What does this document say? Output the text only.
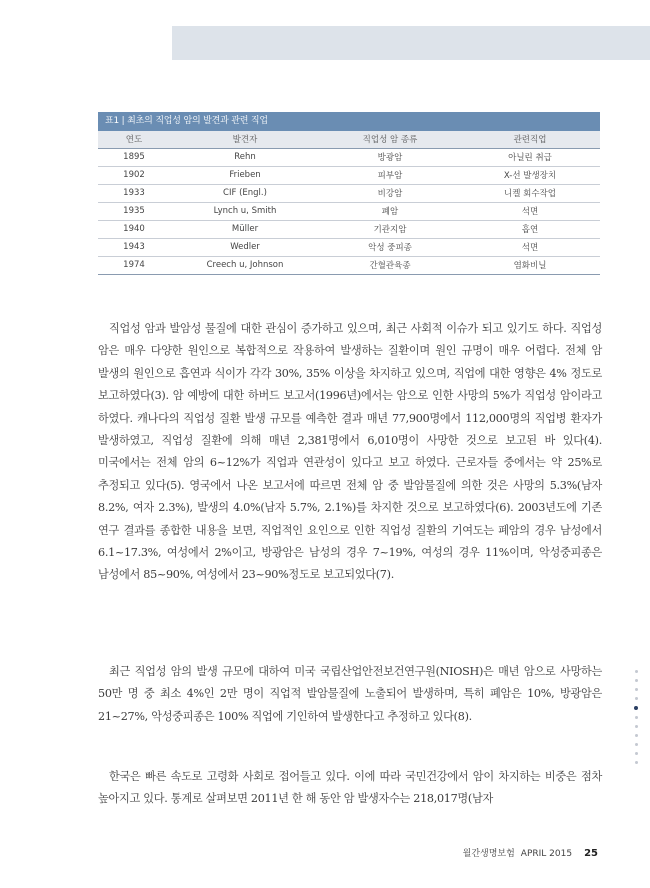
표1 | 최초의 직업성 암의 발견과 관련 직업
연도	발견자	직업성 암 종류	관련직업
1895	Rehn	방광암	아닐린 취급
1902	Frieben	피부암	X-선 발생장치
1933	CIF (Engl.)	비강암	니켈 회수작업
1935	Lynch u, Smith	폐암	석면
1940	Müller	기관지암	흡연
1943	Wedler	악성 중피종	석면
1974	Creech u, Johnson	간혈관육종	염화비닐

직업성 암과 발암성 물질에 대한 관심이 증가하고 있으며, 최근 사회적 이슈가 되고 있기도 하다. 직업성 암은 매우 다양한 원인으로 복합적으로 작용하여 발생하는 질환이며 원인 규명이 매우 어렵다. 전체 암 발생의 원인으로 흡연과 식이가 각각 30%, 35% 이상을 차지하고 있으며, 직업에 대한 영향은 4% 정도로 보고하였다(3). 암 예방에 대한 하버드 보고서(1996년)에서는 암으로 인한 사망의 5%가 직업성 암이라고 하였다. 캐나다의 직업성 질환 발생 규모를 예측한 결과 매년 77,900명에서 112,000명의 직업병 환자가 발생하였고, 직업성 질환에 의해 매년 2,381명에서 6,010명이 사망한 것으로 보고된 바 있다(4). 미국에서는 전체 암의 6~12%가 직업과 연관성이 있다고 보고 하였다. 근로자들 중에서는 약 25%로 추정되고 있다(5). 영국에서 나온 보고서에 따르면 전체 암 중 발암물질에 의한 것은 사망의 5.3%(남자 8.2%, 여자 2.3%), 발생의 4.0%(남자 5.7%, 2.1%)를 차지한 것으로 보고하였다(6). 2003년도에 기존 연구 결과를 종합한 내용을 보면, 직업적인 요인으로 인한 직업성 질환의 기여도는 폐암의 경우 남성에서 6.1~17.3%, 여성에서 2%이고, 방광암은 남성의 경우 7~19%, 여성의 경우 11%이며, 악성중피종은 남성에서 85~90%, 여성에서 23~90%정도로 보고되었다(7).

최근 직업성 암의 발생 규모에 대하여 미국 국립산업안전보건연구원(NIOSH)은 매년 암으로 사망하는 50만 명 중 최소 4%인 2만 명이 직업적 발암물질에 노출되어 발생하며, 특히 폐암은 10%, 방광암은 21~27%, 악성중피종은 100% 직업에 기인하여 발생한다고 추정하고 있다(8).

한국은 빠른 속도로 고령화 사회로 접어들고 있다. 이에 따라 국민건강에서 암이 차지하는 비중은 점차 높아지고 있다. 통계로 살펴보면 2011년 한 해 동안 암 발생자수는 218,017명(남자

월간생명보험 APRIL 2015 25
